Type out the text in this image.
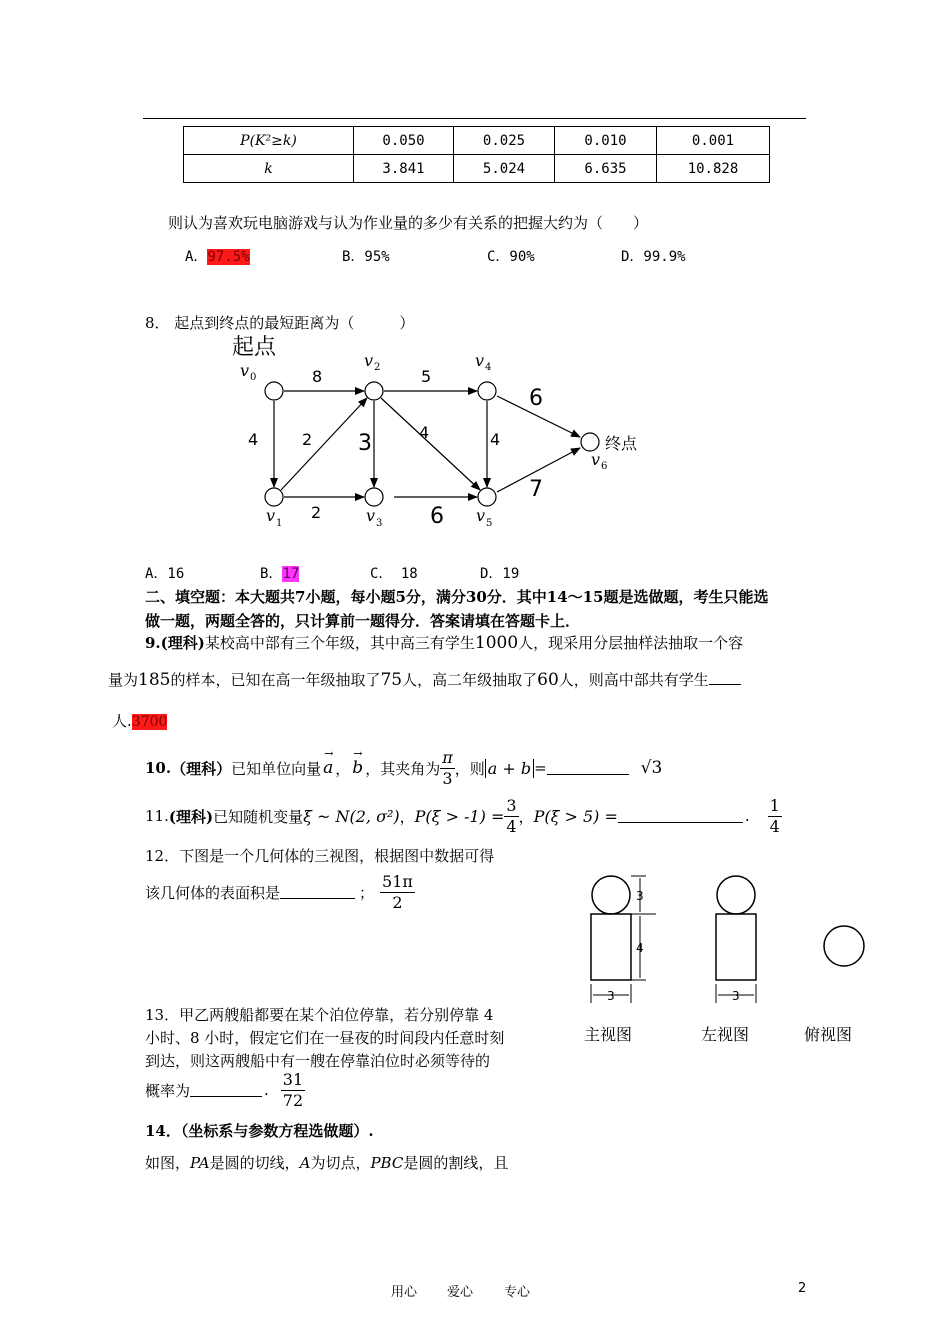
P(K²≥k)	0.050	0.025	0.010	0.001
k	3.841	5.024	6.635	10.828
则认为喜欢玩电脑游戏与认为作业量的多少有关系的把握大约为（　　）
A．97.5%	B．95%	C．90%	D．99.9%
8． 起点到终点的最短距离为（　　　）
起点
终点
v 0
v 1
v 2
v 3
v 4
v 5
v 6
8	5
6
4	2 3	4	4
2	6
7
A．16	B．17	C． 18	D．19
二、填空题：本大题共7小题，每小题5分，满分30分．其中14～15题是选做题，考生只能选
做一题，两题全答的，只计算前一题得分．答案请填在答题卡上．
9.(理科)某校高中部有三个年级，其中高三有学生1000人，现采用分层抽样法抽取一个容
量为185的样本，已知在高一年级抽取了75人，高二年级抽取了60人，则高中部共有学生
人.3700
10. （理科） 已知单位向量
→
a ，
→
b ，其夹角为 $\frac{\pi}{3}$ ，则 a + b =	√3
11. (理科) 已知随机变量 ξ ~ N(2, σ²) ， $P(\xi > -1) = \frac{3}{4}$ ， P(ξ > 5) =	. $\frac{1}{4}$
12．下图是一个几何体的三视图，根据图中数据可得
该几何体的表面积是	； $\frac{51\pi}{2}$	3
4
3	3
主视图	左视图	俯视图
13．甲乙两艘船都要在某个泊位停靠，若分别停靠 4
小时、8 小时，假定它们在一昼夜的时间段内任意时刻
到达，则这两艘船中有一艘在停靠泊位时必须等待的
概率为	. $\frac{31}{72}$
14．（坐标系与参数方程选做题）.
如图，PA是圆的切线，A为切点，PBC是圆的割线，且
用心 爱心 专心	2
